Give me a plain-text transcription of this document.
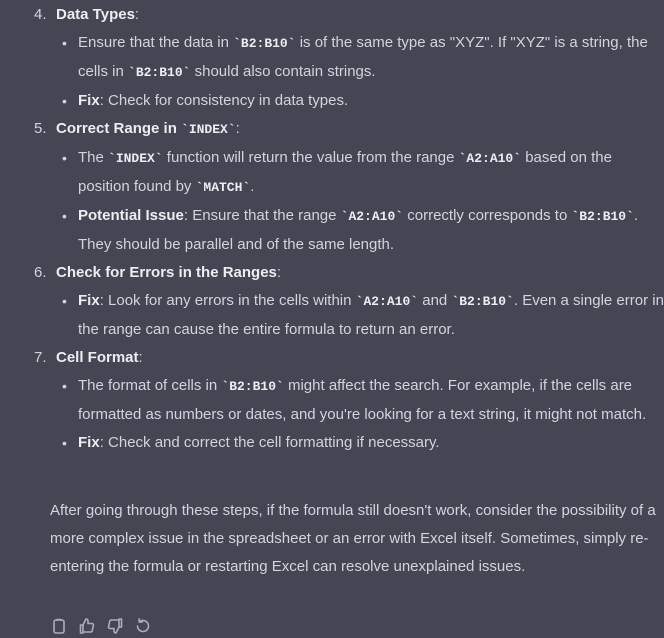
4. Data Types:
• Ensure that the data in `B2:B10` is of the same type as "XYZ". If "XYZ" is a string, the cells in `B2:B10` should also contain strings.
• Fix: Check for consistency in data types.
5. Correct Range in `INDEX`:
• The `INDEX` function will return the value from the range `A2:A10` based on the position found by `MATCH`.
• Potential Issue: Ensure that the range `A2:A10` correctly corresponds to `B2:B10`. They should be parallel and of the same length.
6. Check for Errors in the Ranges:
• Fix: Look for any errors in the cells within `A2:A10` and `B2:B10`. Even a single error in the range can cause the entire formula to return an error.
7. Cell Format:
• The format of cells in `B2:B10` might affect the search. For example, if the cells are formatted as numbers or dates, and you're looking for a text string, it might not match.
• Fix: Check and correct the cell formatting if necessary.

After going through these steps, if the formula still doesn't work, consider the possibility of a more complex issue in the spreadsheet or an error with Excel itself. Sometimes, simply re-entering the formula or restarting Excel can resolve unexplained issues.
